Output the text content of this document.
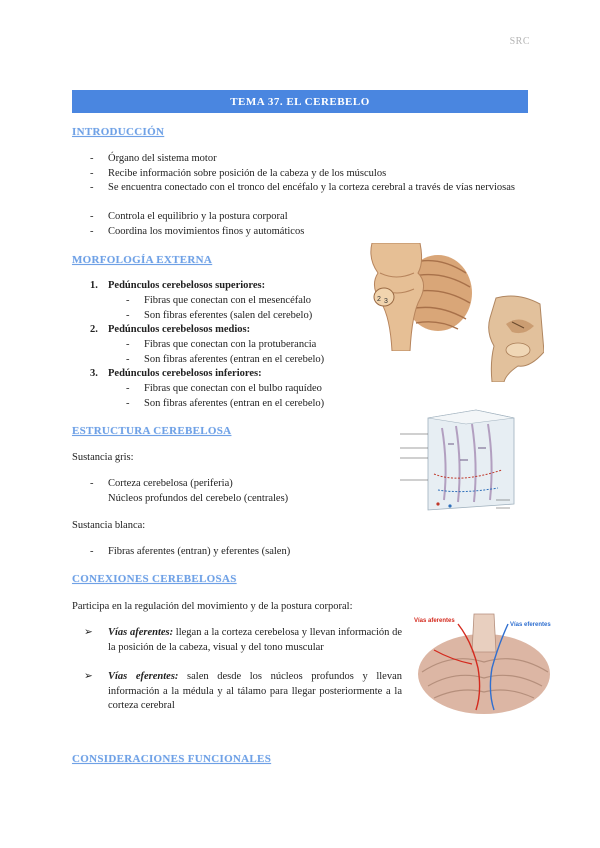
SRC
TEMA 37. EL CEREBELO
INTRODUCCIÓN
- Órgano del sistema motor
- Recibe información sobre posición de la cabeza y de los músculos
-	Se encuentra conectado con el tronco del encéfalo y la corteza cerebral a través de vías nerviosas
- Controla el equilibrio y la postura corporal
- Coordina los movimientos finos y automáticos
MORFOLOGÍA EXTERNA
1. Pedúnculos cerebelosos superiores:
- Fibras que conectan con el mesencéfalo
- Son fibras eferentes (salen del cerebelo)
2. Pedúnculos cerebelosos medios:
- Fibras que conectan con la protuberancia
- Son fibras aferentes (entran en el cerebelo)
3. Pedúnculos cerebelosos inferiores:
- Fibras que conectan con el bulbo raquídeo
- Son fibras aferentes (entran en el cerebelo)
2 3
ESTRUCTURA CEREBELOSA
Sustancia gris:
- Corteza cerebelosa (periferia)
Núcleos profundos del cerebelo (centrales)
Sustancia blanca:
- Fibras aferentes (entran) y eferentes (salen)
CONEXIONES CEREBELOSAS
Participa en la regulación del movimiento y de la postura corporal:
➢	Vías aferentes: llegan a la corteza cerebelosa y llevan información de la posición de la cabeza, visual y del tono muscular
➢	Vías eferentes: salen desde los núcleos profundos y llevan información a la médula y al tálamo para llegar posteriormente a la corteza cerebral
Vías aferentes
Vías eferentes
CONSIDERACIONES FUNCIONALES
